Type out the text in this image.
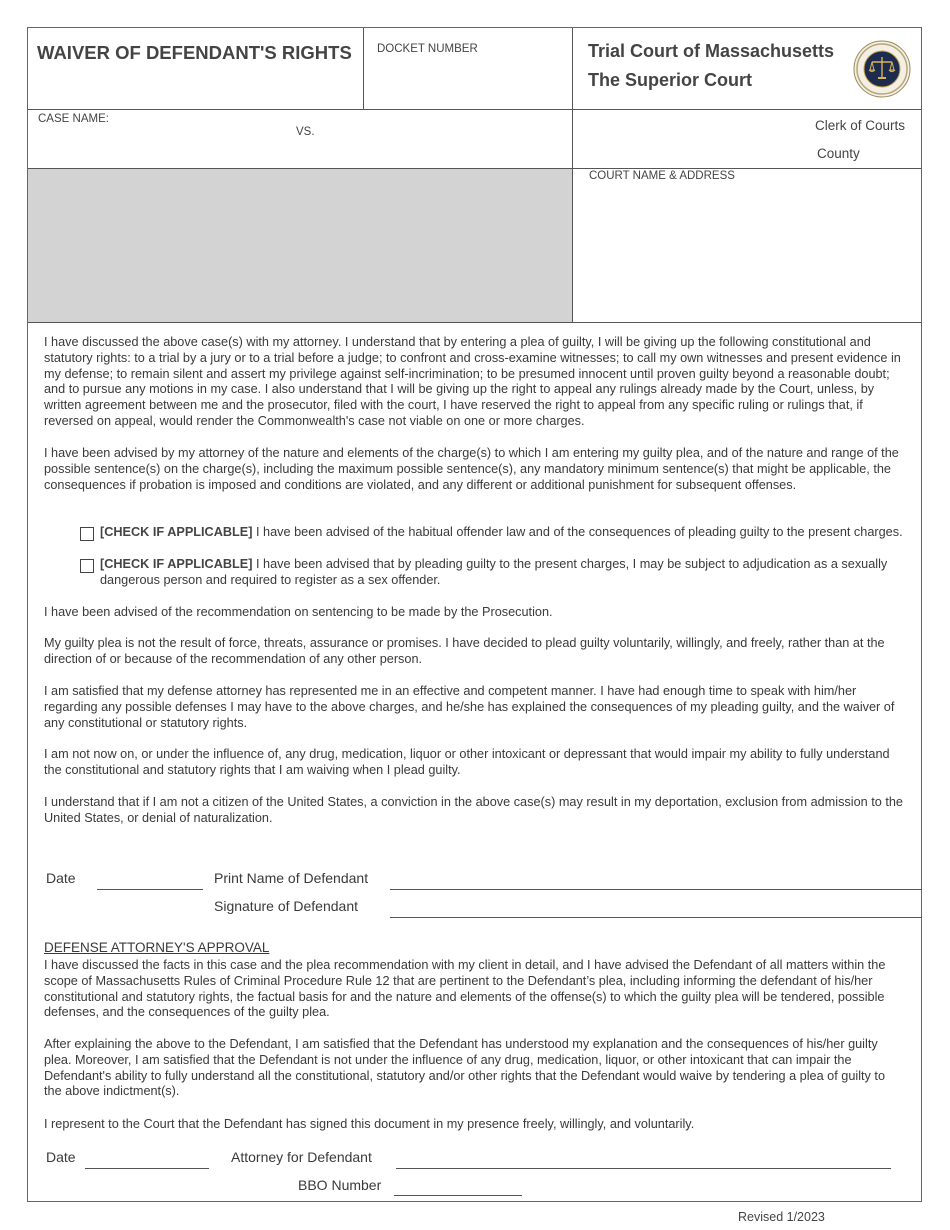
WAIVER OF DEFENDANT'S RIGHTS	DOCKET NUMBER	Trial Court of Massachusetts
The Superior Court
CASE NAME:
VS.	Clerk of Courts
County
COURT NAME & ADDRESS

I have discussed the above case(s) with my attorney. I understand that by entering a plea of guilty, I will be giving up the following constitutional and statutory rights: to a trial by a jury or to a trial before a judge; to confront and cross-examine witnesses; to call my own witnesses and present evidence in my defense; to remain silent and assert my privilege against self-incrimination; to be presumed innocent until proven guilty beyond a reasonable doubt; and to pursue any motions in my case. I also understand that I will be giving up the right to appeal any rulings already made by the Court, unless, by written agreement between me and the prosecutor, filed with the court, I have reserved the right to appeal from any specific ruling or rulings that, if reversed on appeal, would render the Commonwealth's case not viable on one or more charges.

I have been advised by my attorney of the nature and elements of the charge(s) to which I am entering my guilty plea, and of the nature and range of the possible sentence(s) on the charge(s), including the maximum possible sentence(s), any mandatory minimum sentence(s) that might be applicable, the consequences if probation is imposed and conditions are violated, and any different or additional punishment for subsequent offenses.

[CHECK IF APPLICABLE] I have been advised of the habitual offender law and of the consequences of pleading guilty to the present charges.
[CHECK IF APPLICABLE] I have been advised that by pleading guilty to the present charges, I may be subject to adjudication as a sexually dangerous person and required to register as a sex offender.

I have been advised of the recommendation on sentencing to be made by the Prosecution.

My guilty plea is not the result of force, threats, assurance or promises. I have decided to plead guilty voluntarily, willingly, and freely, rather than at the direction of or because of the recommendation of any other person.

I am satisfied that my defense attorney has represented me in an effective and competent manner. I have had enough time to speak with him/her regarding any possible defenses I may have to the above charges, and he/she has explained the consequences of my pleading guilty, and the waiver of any constitutional or statutory rights.

I am not now on, or under the influence of, any drug, medication, liquor or other intoxicant or depressant that would impair my ability to fully understand the constitutional and statutory rights that I am waiving when I plead guilty.

I understand that if I am not a citizen of the United States, a conviction in the above case(s) may result in my deportation, exclusion from admission to the United States, or denial of naturalization.

Date	Print Name of Defendant
Signature of Defendant
DEFENSE ATTORNEY'S APPROVAL

I have discussed the facts in this case and the plea recommendation with my client in detail, and I have advised the Defendant of all matters within the scope of Massachusetts Rules of Criminal Procedure Rule 12 that are pertinent to the Defendant’s plea, including informing the defendant of his/her constitutional and statutory rights, the factual basis for and the nature and elements of the offense(s) to which the guilty plea will be tendered, possible defenses, and the consequences of the guilty plea.

After explaining the above to the Defendant, I am satisfied that the Defendant has understood my explanation and the consequences of his/her guilty plea. Moreover, I am satisfied that the Defendant is not under the influence of any drug, medication, liquor, or other intoxicant that can impair the Defendant's ability to fully understand all the constitutional, statutory and/or other rights that the Defendant would waive by tendering a plea of guilty to the above indictment(s).

I represent to the Court that the Defendant has signed this document in my presence freely, willingly, and voluntarily.

Date	Attorney for Defendant
BBO Number
Revised 1/2023
